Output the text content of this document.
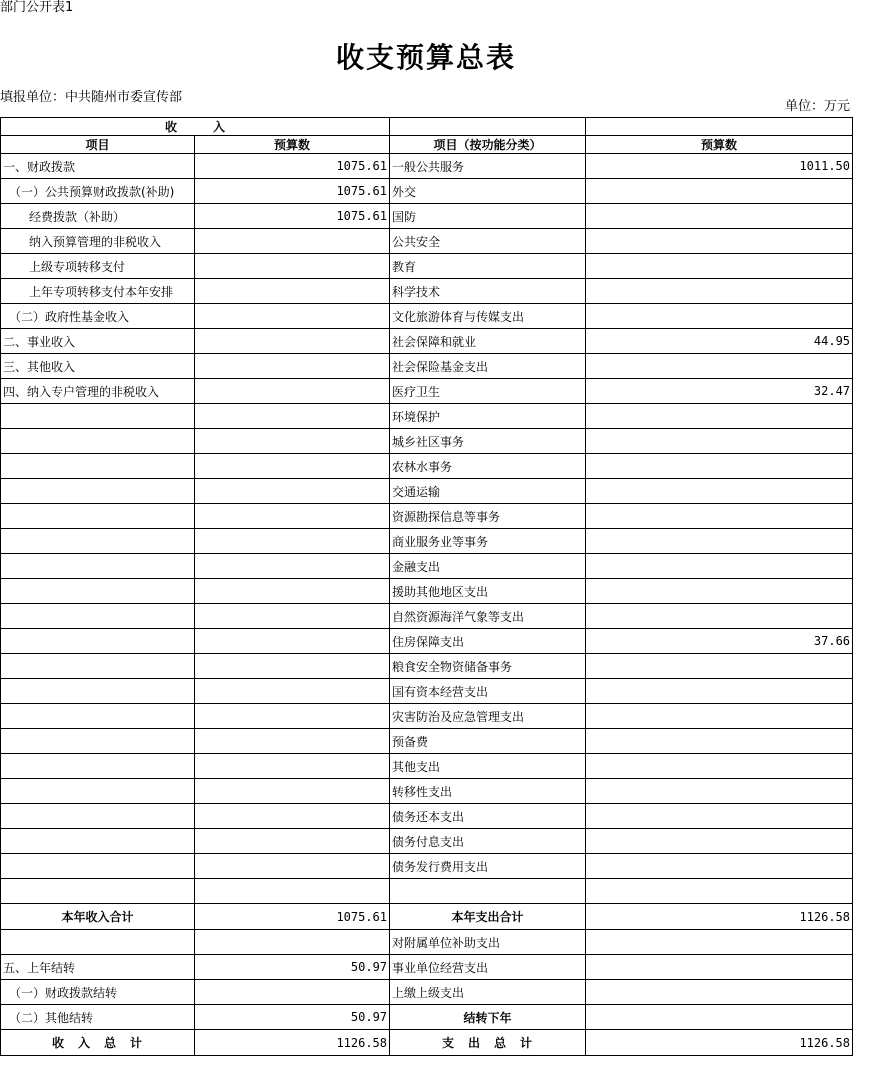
部门公开表1
收支预算总表
填报单位：中共随州市委宣传部
单位：万元
收　　　入			
项目	预算数	项目（按功能分类）	预算数
一、财政拨款	1075.61	一般公共服务	1011.50
（一）公共预算财政拨款(补助)	1075.61	外交	
经费拨款（补助）	1075.61	国防	
纳入预算管理的非税收入		公共安全	
上级专项转移支付		教育	
上年专项转移支付本年安排		科学技术	
（二）政府性基金收入		文化旅游体育与传媒支出	
二、事业收入		社会保障和就业	44.95
三、其他收入		社会保险基金支出	
四、纳入专户管理的非税收入		医疗卫生	32.47
		环境保护	
		城乡社区事务	
		农林水事务	
		交通运输	
		资源勘探信息等事务	
		商业服务业等事务	
		金融支出	
		援助其他地区支出	
		自然资源海洋气象等支出	
		住房保障支出	37.66
		粮食安全物资储备事务	
		国有资本经营支出	
		灾害防治及应急管理支出	
		预备费	
		其他支出	
		转移性支出	
		债务还本支出	
		债务付息支出	
		债务发行费用支出	

本年收入合计	1075.61	本年支出合计	1126.58
		对附属单位补助支出	
五、上年结转	50.97	事业单位经营支出	
（一）财政拨款结转		上缴上级支出	
（二）其他结转	50.97	结转下年	
收　入　总　计	1126.58	支　出　总　计	1126.58
